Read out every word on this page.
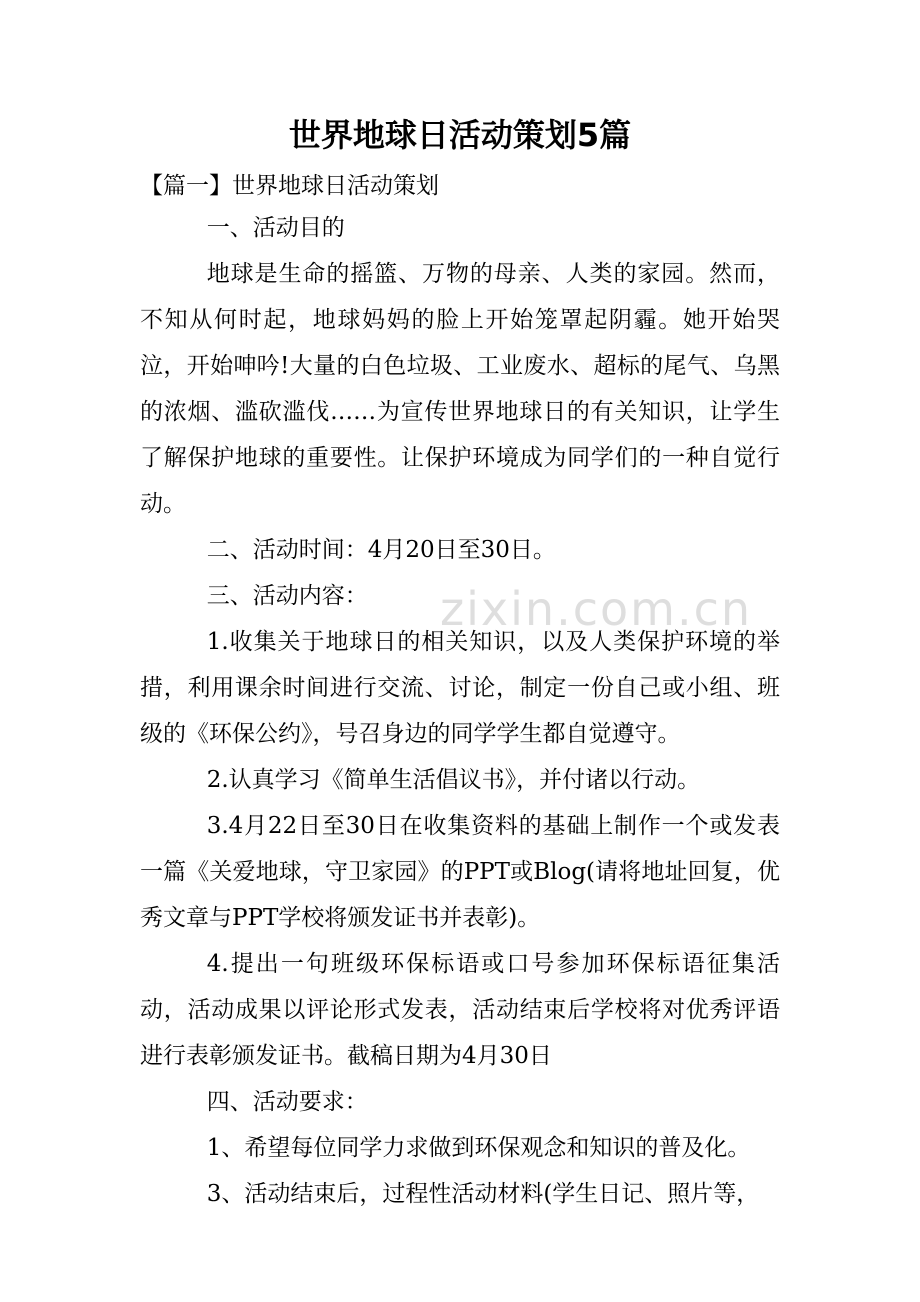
世界地球日活动策划5篇
【篇一】世界地球日活动策划

一、活动目的

地球是生命的摇篮、万物的母亲、人类的家园。然而，不知从何时起，地球妈妈的脸上开始笼罩起阴霾。她开始哭泣，开始呻吟!大量的白色垃圾、工业废水、超标的尾气、乌黑的浓烟、滥砍滥伐……为宣传世界地球日的有关知识，让学生了解保护地球的重要性。让保护环境成为同学们的一种自觉行动。

二、活动时间：4月20日至30日。

三、活动内容：

1.收集关于地球日的相关知识，以及人类保护环境的举措，利用课余时间进行交流、讨论，制定一份自己或小组、班级的《环保公约》，号召身边的同学学生都自觉遵守。

2.认真学习《简单生活倡议书》，并付诸以行动。

3.4月22日至30日在收集资料的基础上制作一个或发表一篇《关爱地球，守卫家园》的PPT或Blog(请将地址回复，优秀文章与PPT学校将颁发证书并表彰)。

4.提出一句班级环保标语或口号参加环保标语征集活动，活动成果以评论形式发表，活动结束后学校将对优秀评语进行表彰颁发证书。截稿日期为4月30日

四、活动要求：

1、希望每位同学力求做到环保观念和知识的普及化。

3、活动结束后，过程性活动材料(学生日记、照片等，

zixin.com.cn
